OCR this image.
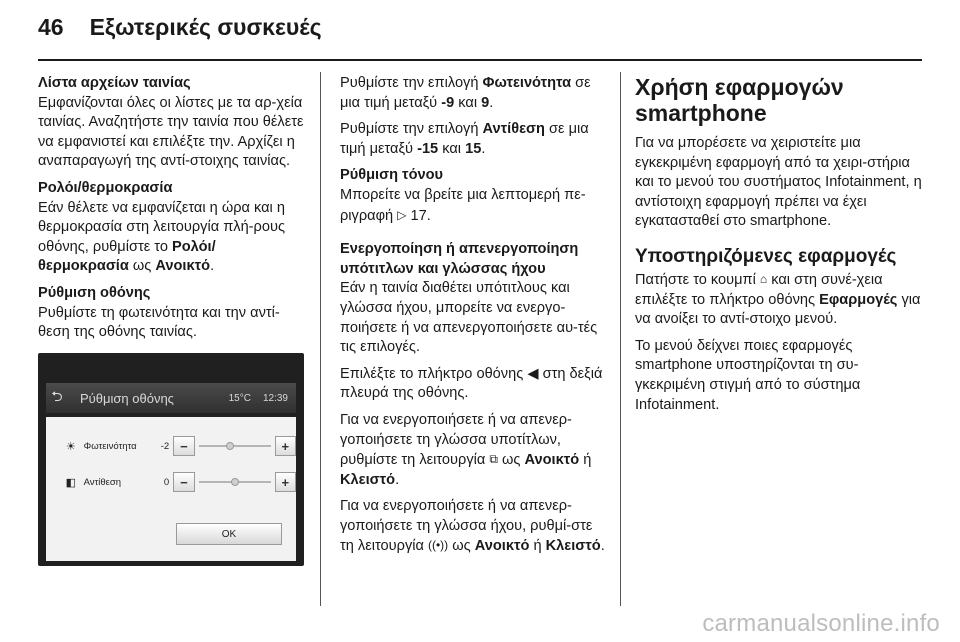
46 Εξωτερικές συσκευές
Λίστα αρχείων ταινίας
Εμφανίζονται όλες οι λίστες με τα αρ-χεία ταινίας. Αναζητήστε την ταινία που θέλετε να εμφανιστεί και επιλέξτε την. Αρχίζει η αναπαραγωγή της αντί-στοιχης ταινίας.
Ρολόι/θερμοκρασία
Εάν θέλετε να εμφανίζεται η ώρα και η θερμοκρασία στη λειτουργία πλή-ρους οθόνης, ρυθμίστε το Ρολόι/ θερμοκρασία ως Ανοικτό.
Ρύθμιση οθόνης
Ρυθμίστε τη φωτεινότητα και την αντί-θεση της οθόνης ταινίας.
⮌	Ρύθμιση οθόνης	15°C 12:39
☀ Φωτεινότητα	-2 −	+
◧ Αντίθεση	0 −	+
OK
Ρυθμίστε την επιλογή Φωτεινότητα σε μια τιμή μεταξύ -9 και 9.
Ρυθμίστε την επιλογή Αντίθεση σε μια τιμή μεταξύ -15 και 15.
Ρύθμιση τόνου
Μπορείτε να βρείτε μια λεπτομερή πε-ριγραφή ▷ 17.
Ενεργοποίηση ή απενεργοποίηση υπότιτλων και γλώσσας ήχου
Εάν η ταινία διαθέτει υπότιτλους και γλώσσα ήχου, μπορείτε να ενεργο-ποιήσετε ή να απενεργοποιήσετε αυ-τές τις επιλογές.
Επιλέξτε το πλήκτρο οθόνης ◀ στη δεξιά πλευρά της οθόνης.
Για να ενεργοποιήσετε ή να απενερ-γοποιήσετε τη γλώσσα υποτίτλων, ρυθμίστε τη λειτουργία ⧉ ως Ανοικτό ή Κλειστό.
Για να ενεργοποιήσετε ή να απενερ-γοποιήσετε τη γλώσσα ήχου, ρυθμί-στε τη λειτουργία ((•)) ως Ανοικτό ή Κλειστό.
Χρήση εφαρμογών smartphone
Για να μπορέσετε να χειριστείτε μια εγκεκριμένη εφαρμογή από τα χειρι-στήρια και το μενού του συστήματος Infotainment, η αντίστοιχη εφαρμογή πρέπει να έχει εγκατασταθεί στο smartphone.
Υποστηριζόμενες εφαρμογές
Πατήστε το κουμπί ⌂ και στη συνέ-χεια επιλέξτε το πλήκτρο οθόνης Εφαρμογές για να ανοίξει το αντί-στοιχο μενού.
Το μενού δείχνει ποιες εφαρμογές smartphone υποστηρίζονται τη συ-γκεκριμένη στιγμή από το σύστημα Infotainment.
carmanualsonline.info
